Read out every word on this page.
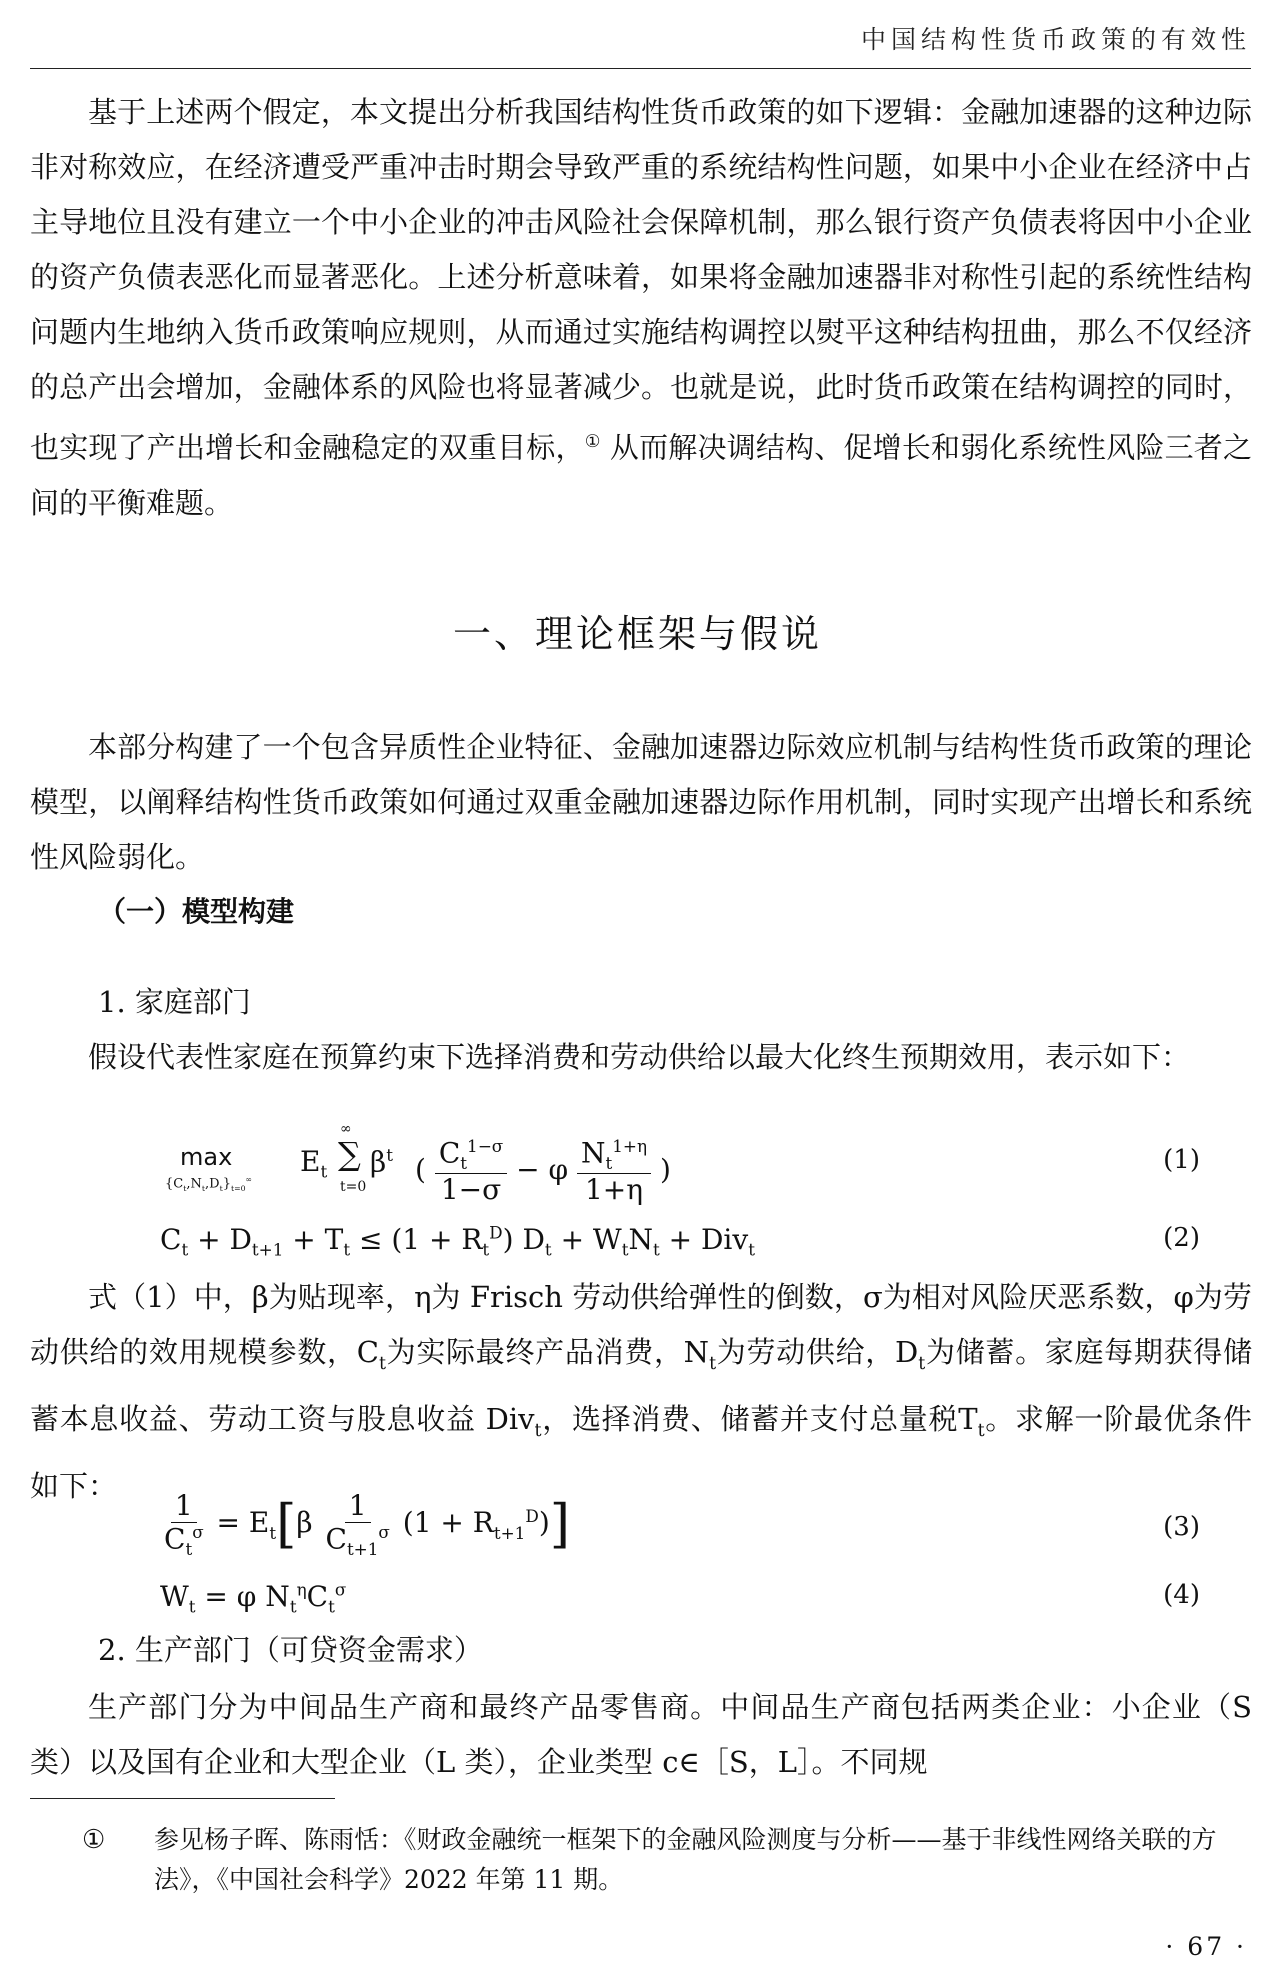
中国结构性货币政策的有效性
基于上述两个假定，本文提出分析我国结构性货币政策的如下逻辑：金融加速器的这种边际非对称效应，在经济遭受严重冲击时期会导致严重的系统结构性问题，如果中小企业在经济中占主导地位且没有建立一个中小企业的冲击风险社会保障机制，那么银行资产负债表将因中小企业的资产负债表恶化而显著恶化。上述分析意味着，如果将金融加速器非对称性引起的系统性结构问题内生地纳入货币政策响应规则，从而通过实施结构调控以熨平这种结构扭曲，那么不仅经济的总产出会增加，金融体系的风险也将显著减少。也就是说，此时货币政策在结构调控的同时，也实现了产出增长和金融稳定的双重目标，① 从而解决调结构、促增长和弱化系统性风险三者之间的平衡难题。
一、理论框架与假说
本部分构建了一个包含异质性企业特征、金融加速器边际效应机制与结构性货币政策的理论模型，以阐释结构性货币政策如何通过双重金融加速器边际作用机制，同时实现产出增长和系统性风险弱化。
（一）模型构建
1. 家庭部门
假设代表性家庭在预算约束下选择消费和劳动供给以最大化终生预期效用，表示如下：
max
$\{C_t,N_t,D_t\}_{t=0}^\infty$
$E_t$ ∑
∞
t=0
$\beta^t$ ( $\frac{C_t^{1-\sigma}}{1-\sigma} - \varphi \frac{N_t^{1+\eta}}{1+\eta}$ )	(1)
$C_t + D_{t+1} + T_t \le (1 + R_t^D) D_t + W_tN_t + Div_t$	(2)
式（1）中，β为贴现率，η为 Frisch 劳动供给弹性的倒数，σ为相对风险厌恶系数，φ为劳动供给的效用规模参数，$C_t$为实际最终产品消费，$N_t$为劳动供给，$D_t$为储蓄。家庭每期获得储蓄本息收益、劳动工资与股息收益 Div$_t$，选择消费、储蓄并支付总量税$T_t$。求解一阶最优条件如下：
$\frac{1}{C_t^\sigma} = E_t[\beta \frac{1}{C_{t+1}^\sigma} (1 + R_{t+1}^D)]$	(3)
$W_t = \varphi$ $N_t^\eta C_t^\sigma$	(4)
2. 生产部门（可贷资金需求）
生产部门分为中间品生产商和最终产品零售商。中间品生产商包括两类企业：小企业（S 类）以及国有企业和大型企业（L 类），企业类型 c∈［S，L］。不同规
① 参见杨子晖、陈雨恬：《财政金融统一框架下的金融风险测度与分析——基于非线性网络关联的方法》，《中国社会科学》2022 年第 11 期。
· 67 ·
